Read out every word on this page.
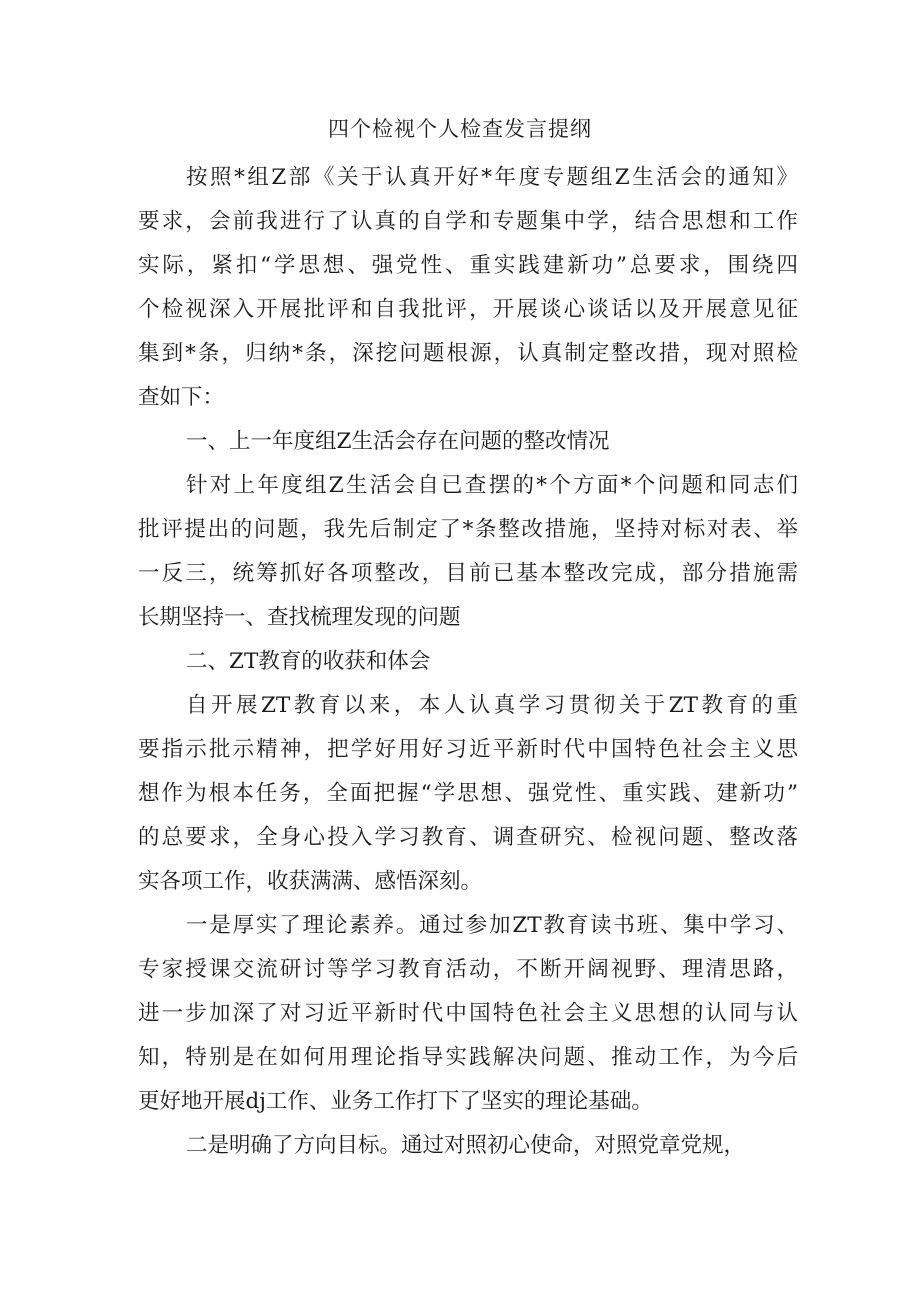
四个检视个人检查发言提纲
按照*组Z部《关于认真开好*年度专题组Z生活会的通知》
要求，会前我进行了认真的自学和专题集中学，结合思想和工作
实际，紧扣“学思想、强党性、重实践建新功”总要求，围绕四
个检视深入开展批评和自我批评，开展谈心谈话以及开展意见征
集到*条，归纳*条，深挖问题根源，认真制定整改措，现对照检
查如下：
一、上一年度组Z生活会存在问题的整改情况
针对上年度组Z生活会自已查摆的*个方面*个问题和同志们
批评提出的问题，我先后制定了*条整改措施，坚持对标对表、举
一反三，统筹抓好各项整改，目前已基本整改完成，部分措施需
长期坚持一、查找梳理发现的问题
二、ZT教育的收获和体会
自开展ZT教育以来，本人认真学习贯彻关于ZT教育的重
要指示批示精神，把学好用好习近平新时代中国特色社会主义思
想作为根本任务，全面把握“学思想、强党性、重实践、建新功”
的总要求，全身心投入学习教育、调查研究、检视问题、整改落
实各项工作，收获满满、感悟深刻。
一是厚实了理论素养。通过参加ZT教育读书班、集中学习、
专家授课交流研讨等学习教育活动，不断开阔视野、理清思路，
进一步加深了对习近平新时代中国特色社会主义思想的认同与认
知，特别是在如何用理论指导实践解决问题、推动工作，为今后
更好地开展dj工作、业务工作打下了坚实的理论基础。
二是明确了方向目标。通过对照初心使命，对照党章党规，
